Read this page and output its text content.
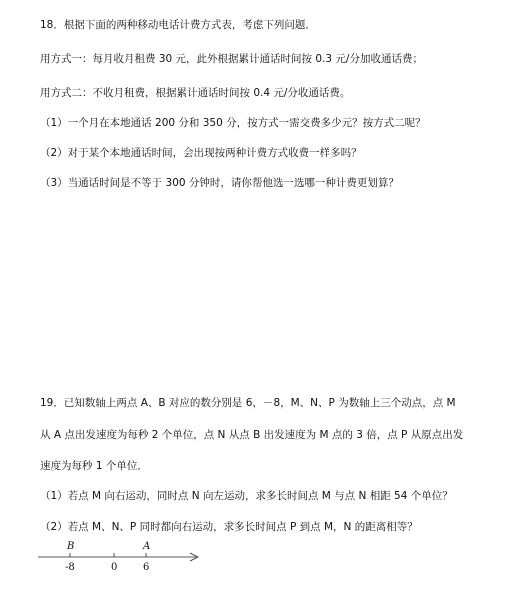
18．根据下面的两种移动电话计费方式表，考虑下列问题．
用方式一：每月收月租费 30 元，此外根据累计通话时间按 0.3 元/分加收通话费；
用方式二：不收月租费，根据累计通话时间按 0.4 元/分收通话费。
（1）一个月在本地通话 200 分和 350 分，按方式一需交费多少元？按方式二呢？
（2）对于某个本地通话时间，会出现按两种计费方式收费一样多吗？
（3）当通话时间是不等于 300 分钟时，请你帮他选一选哪一种计费更划算？
19．已知数轴上两点 A、B 对应的数分别是 6，－8，M、N、P 为数轴上三个动点，点 M
从 A 点出发速度为每秒 2 个单位，点 N 从点 B 出发速度为 M 点的 3 倍，点 P 从原点出发
速度为每秒 1 个单位．
（1）若点 M 向右运动，同时点 N 向左运动，求多长时间点 M 与点 N 相距 54 个单位？
（2）若点 M、N、P 同时都向右运动，求多长时间点 P 到点 M，N 的距离相等？
B	A
-8	0	6
